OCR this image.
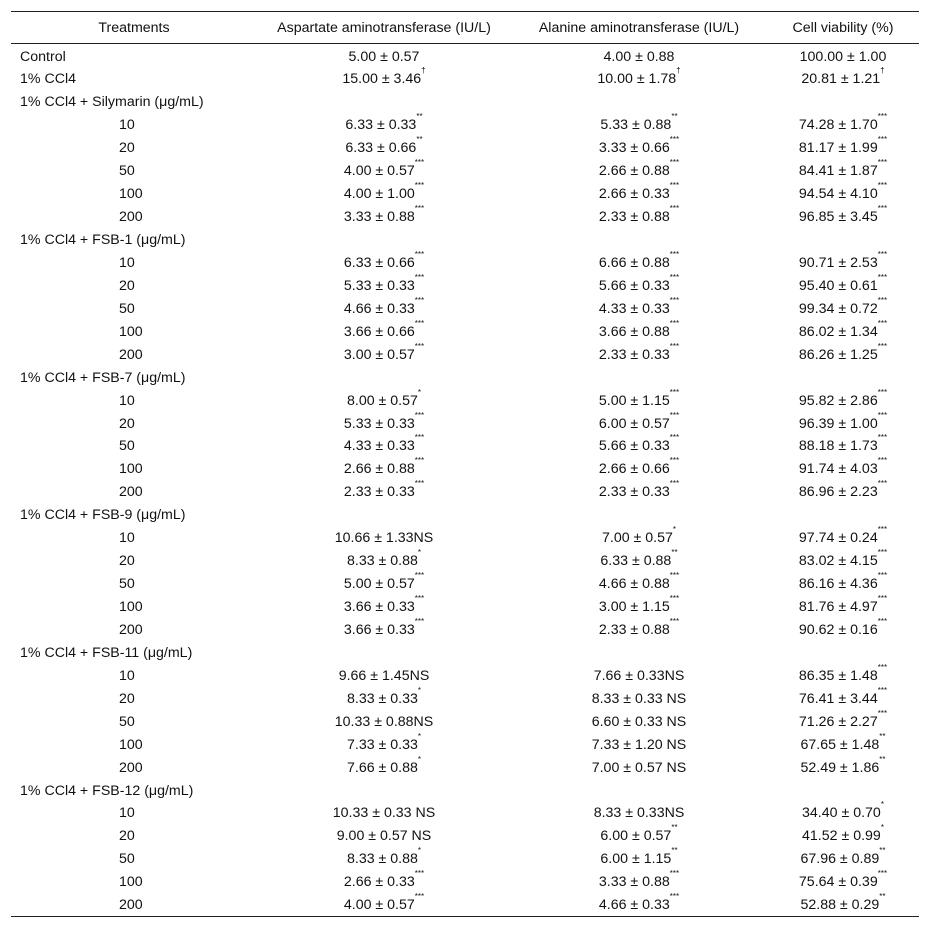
Treatments	Aspartate aminotransferase (IU/L)	Alanine aminotransferase (IU/L)	Cell viability (%)
Control	5.00 ± 0.57	4.00 ± 0.88	100.00 ± 1.00
1% CCl4	15.00 ± 3.46†	10.00 ± 1.78†	20.81 ± 1.21†
1% CCl4 + Silymarin (μg/mL)			
10	6.33 ± 0.33**	5.33 ± 0.88**	74.28 ± 1.70***
20	6.33 ± 0.66**	3.33 ± 0.66***	81.17 ± 1.99***
50	4.00 ± 0.57***	2.66 ± 0.88***	84.41 ± 1.87***
100	4.00 ± 1.00***	2.66 ± 0.33***	94.54 ± 4.10***
200	3.33 ± 0.88***	2.33 ± 0.88***	96.85 ± 3.45***
1% CCl4 + FSB-1 (μg/mL)			
10	6.33 ± 0.66***	6.66 ± 0.88***	90.71 ± 2.53***
20	5.33 ± 0.33***	5.66 ± 0.33***	95.40 ± 0.61***
50	4.66 ± 0.33***	4.33 ± 0.33***	99.34 ± 0.72***
100	3.66 ± 0.66***	3.66 ± 0.88***	86.02 ± 1.34***
200	3.00 ± 0.57***	2.33 ± 0.33***	86.26 ± 1.25***
1% CCl4 + FSB-7 (μg/mL)			
10	8.00 ± 0.57*	5.00 ± 1.15***	95.82 ± 2.86***
20	5.33 ± 0.33***	6.00 ± 0.57***	96.39 ± 1.00***
50	4.33 ± 0.33***	5.66 ± 0.33***	88.18 ± 1.73***
100	2.66 ± 0.88***	2.66 ± 0.66***	91.74 ± 4.03***
200	2.33 ± 0.33***	2.33 ± 0.33***	86.96 ± 2.23***
1% CCl4 + FSB-9 (μg/mL)			
10	10.66 ± 1.33NS	7.00 ± 0.57*	97.74 ± 0.24***
20	8.33 ± 0.88*	6.33 ± 0.88**	83.02 ± 4.15***
50	5.00 ± 0.57***	4.66 ± 0.88***	86.16 ± 4.36***
100	3.66 ± 0.33***	3.00 ± 1.15***	81.76 ± 4.97***
200	3.66 ± 0.33***	2.33 ± 0.88***	90.62 ± 0.16***
1% CCl4 + FSB-11 (μg/mL)			
10	9.66 ± 1.45NS	7.66 ± 0.33NS	86.35 ± 1.48***
20	8.33 ± 0.33*	8.33 ± 0.33 NS	76.41 ± 3.44***
50	10.33 ± 0.88NS	6.60 ± 0.33 NS	71.26 ± 2.27***
100	7.33 ± 0.33*	7.33 ± 1.20 NS	67.65 ± 1.48**
200	7.66 ± 0.88*	7.00 ± 0.57 NS	52.49 ± 1.86**
1% CCl4 + FSB-12 (μg/mL)			
10	10.33 ± 0.33 NS	8.33 ± 0.33NS	34.40 ± 0.70*
20	9.00 ± 0.57 NS	6.00 ± 0.57**	41.52 ± 0.99*
50	8.33 ± 0.88*	6.00 ± 1.15**	67.96 ± 0.89**
100	2.66 ± 0.33***	3.33 ± 0.88***	75.64 ± 0.39***
200	4.00 ± 0.57***	4.66 ± 0.33***	52.88 ± 0.29**
